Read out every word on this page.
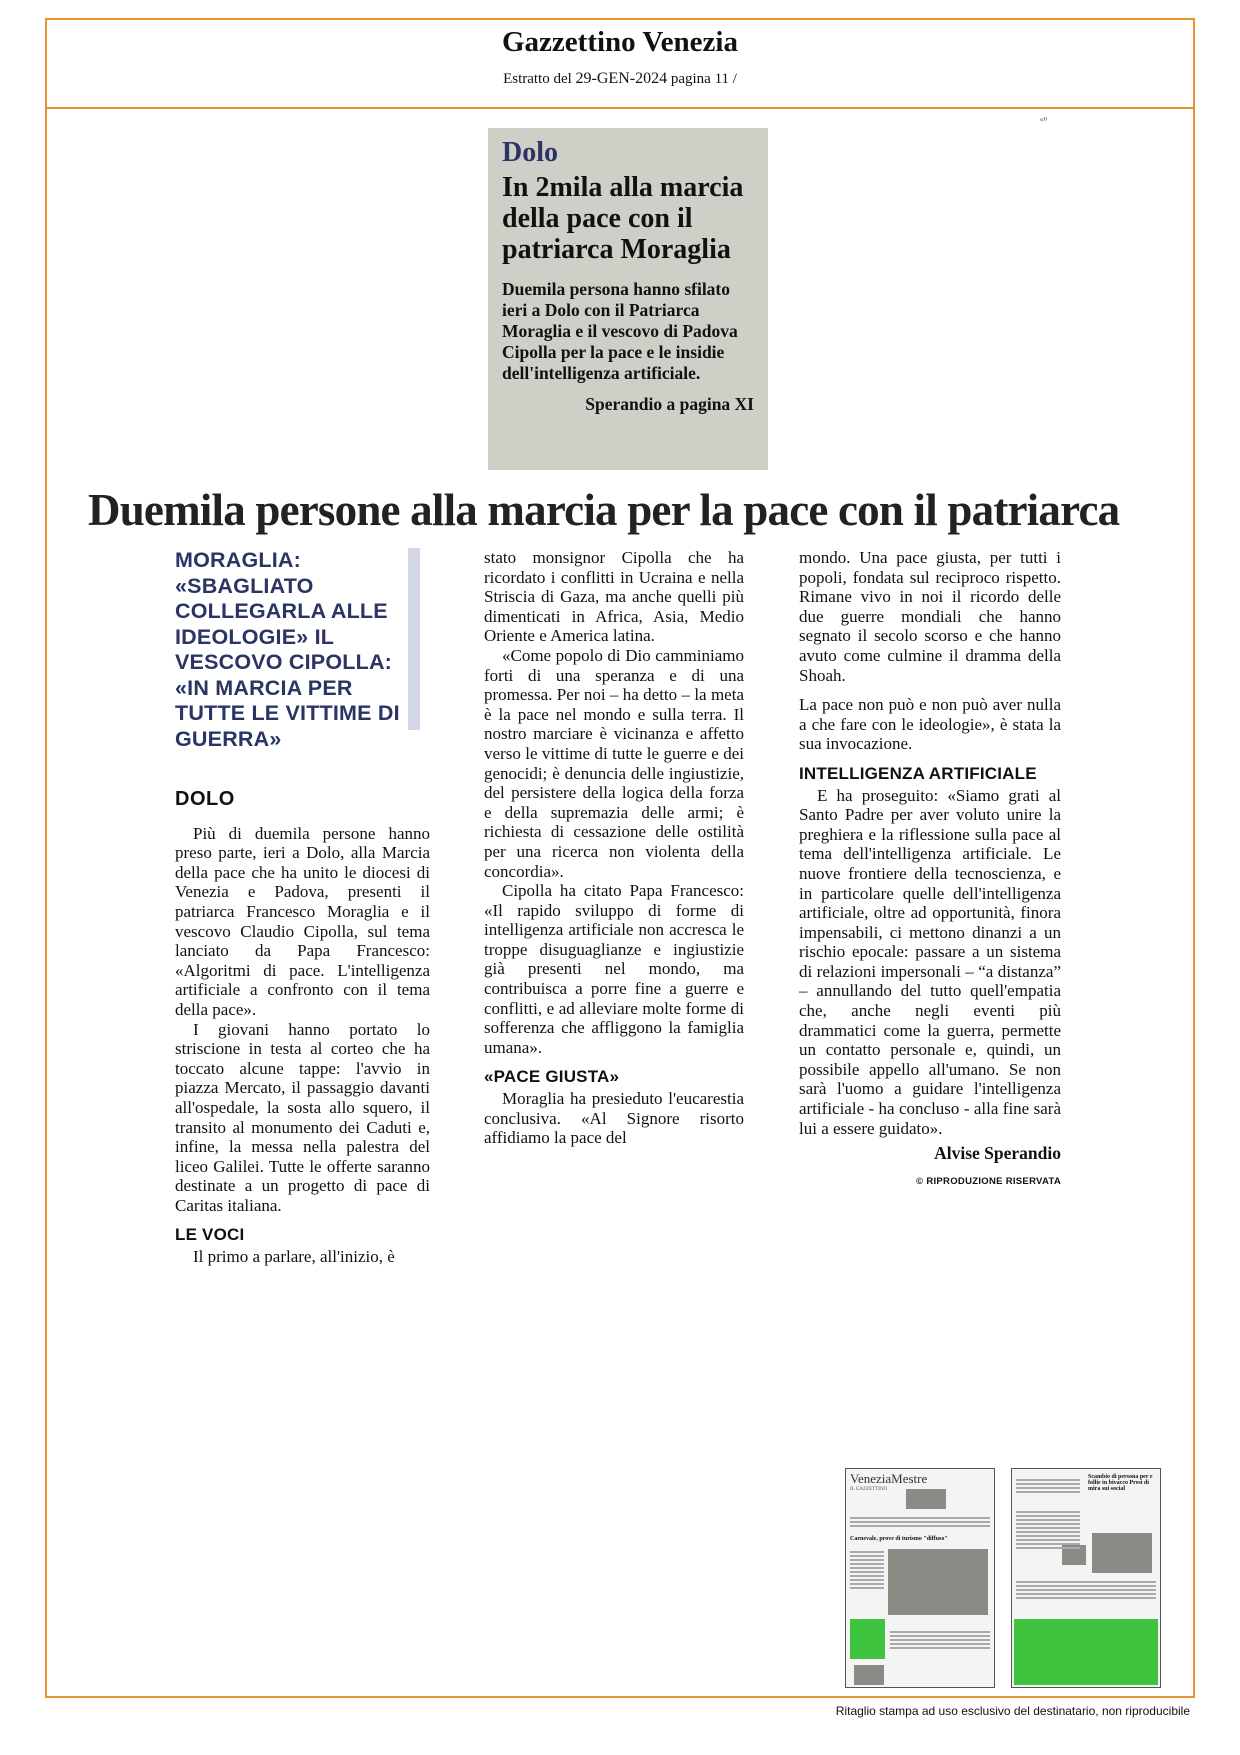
Gazzettino Venezia
Estratto del 29-GEN-2024 pagina 11 /
ˢᶜ⁰
Dolo
In 2mila alla marcia della pace con il patriarca Moraglia
Duemila persona hanno sfilato ieri a Dolo con il Patriarca Moraglia e il vescovo di Padova Cipolla per la pace e le insidie dell'intelligenza artificiale.
Sperandio a pagina XI
Duemila persone alla marcia per la pace con il patriarca
MORAGLIA: «SBAGLIATO COLLEGARLA ALLE IDEOLOGIE» IL VESCOVO CIPOLLA: «IN MARCIA PER TUTTE LE VITTIME DI GUERRA»
DOLO

Più di duemila persone hanno preso parte, ieri a Dolo, alla Marcia della pace che ha unito le diocesi di Venezia e Padova, presenti il patriarca Francesco Moraglia e il vescovo Claudio Cipolla, sul tema lanciato da Papa Francesco: «Algoritmi di pace. L'intelligenza artificiale a confronto con il tema della pace».

I giovani hanno portato lo striscione in testa al corteo che ha toccato alcune tappe: l'avvio in piazza Mercato, il passaggio davanti all'ospedale, la sosta allo squero, il transito al monumento dei Caduti e, infine, la messa nella palestra del liceo Galilei. Tutte le offerte saranno destinate a un progetto di pace di Caritas italiana.

LE VOCI

Il primo a parlare, all'inizio, è

stato monsignor Cipolla che ha ricordato i conflitti in Ucraina e nella Striscia di Gaza, ma anche quelli più dimenticati in Africa, Asia, Medio Oriente e America latina.

«Come popolo di Dio camminiamo forti di una speranza e di una promessa. Per noi – ha detto – la meta è la pace nel mondo e sulla terra. Il nostro marciare è vicinanza e affetto verso le vittime di tutte le guerre e dei genocidi; è denuncia delle ingiustizie, del persistere della logica della forza e della supremazia delle armi; è richiesta di cessazione delle ostilità per una ricerca non violenta della concordia».

Cipolla ha citato Papa Francesco: «Il rapido sviluppo di forme di intelligenza artificiale non accresca le troppe disuguaglianze e ingiustizie già presenti nel mondo, ma contribuisca a porre fine a guerre e conflitti, e ad alleviare molte forme di sofferenza che affliggono la famiglia umana».

«PACE GIUSTA»

Moraglia ha presieduto l'eucarestia conclusiva. «Al Signore risorto affidiamo la pace del

mondo. Una pace giusta, per tutti i popoli, fondata sul reciproco rispetto. Rimane vivo in noi il ricordo delle due guerre mondiali che hanno segnato il secolo scorso e che hanno avuto come culmine il dramma della Shoah.

La pace non può e non può aver nulla a che fare con le ideologie», è stata la sua invocazione.

INTELLIGENZA ARTIFICIALE

E ha proseguito: «Siamo grati al Santo Padre per aver voluto unire la preghiera e la riflessione sulla pace al tema dell'intelligenza artificiale. Le nuove frontiere della tecnoscienza, e in particolare quelle dell'intelligenza artificiale, oltre ad opportunità, finora impensabili, ci mettono dinanzi a un rischio epocale: passare a un sistema di relazioni impersonali – “a distanza” – annullando del tutto quell'empatia che, anche negli eventi più drammatici come la guerra, permette un contatto personale e, quindi, un possibile appello all'umano. Se non sarà l'uomo a guidare l'intelligenza artificiale - ha concluso - alla fine sarà lui a essere guidato».

Alvise Sperandio
© RIPRODUZIONE RISERVATA
VeneziaMestre
IL GAZZETTINO
Carnevale, prove di turismo "diffuso"
Scambio di persona per e follie in bivacco Presi di mira sui social
Ritaglio stampa ad uso esclusivo del destinatario, non riproducibile
